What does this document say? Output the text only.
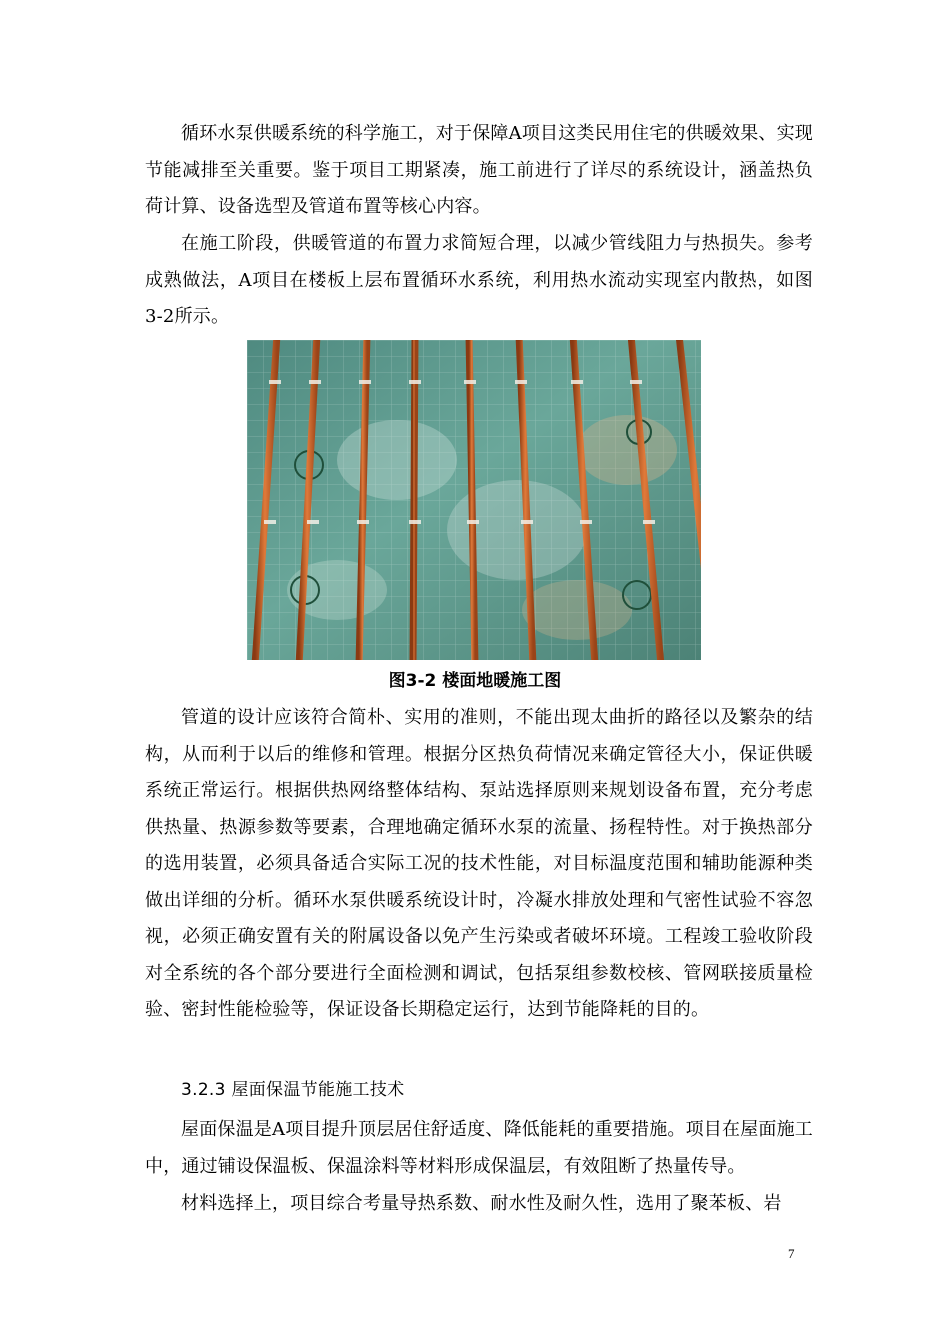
循环水泵供暖系统的科学施工，对于保障A项目这类民用住宅的供暖效果、实现节能减排至关重要。鉴于项目工期紧凑，施工前进行了详尽的系统设计，涵盖热负荷计算、设备选型及管道布置等核心内容。

在施工阶段，供暖管道的布置力求简短合理，以减少管线阻力与热损失。参考成熟做法，A项目在楼板上层布置循环水系统，利用热水流动实现室内散热，如图3-2所示。

图3-2 楼面地暖施工图

管道的设计应该符合简朴、实用的准则，不能出现太曲折的路径以及繁杂的结构，从而利于以后的维修和管理。根据分区热负荷情况来确定管径大小，保证供暖系统正常运行。根据供热网络整体结构、泵站选择原则来规划设备布置，充分考虑供热量、热源参数等要素，合理地确定循环水泵的流量、扬程特性。对于换热部分的选用装置，必须具备适合实际工况的技术性能，对目标温度范围和辅助能源种类做出详细的分析。循环水泵供暖系统设计时，冷凝水排放处理和气密性试验不容忽视，必须正确安置有关的附属设备以免产生污染或者破坏环境。工程竣工验收阶段对全系统的各个部分要进行全面检测和调试，包括泵组参数校核、管网联接质量检验、密封性能检验等，保证设备长期稳定运行，达到节能降耗的目的。

3.2.3 屋面保温节能施工技术

屋面保温是A项目提升顶层居住舒适度、降低能耗的重要措施。项目在屋面施工中，通过铺设保温板、保温涂料等材料形成保温层，有效阻断了热量传导。

材料选择上，项目综合考量导热系数、耐水性及耐久性，选用了聚苯板、岩

7
